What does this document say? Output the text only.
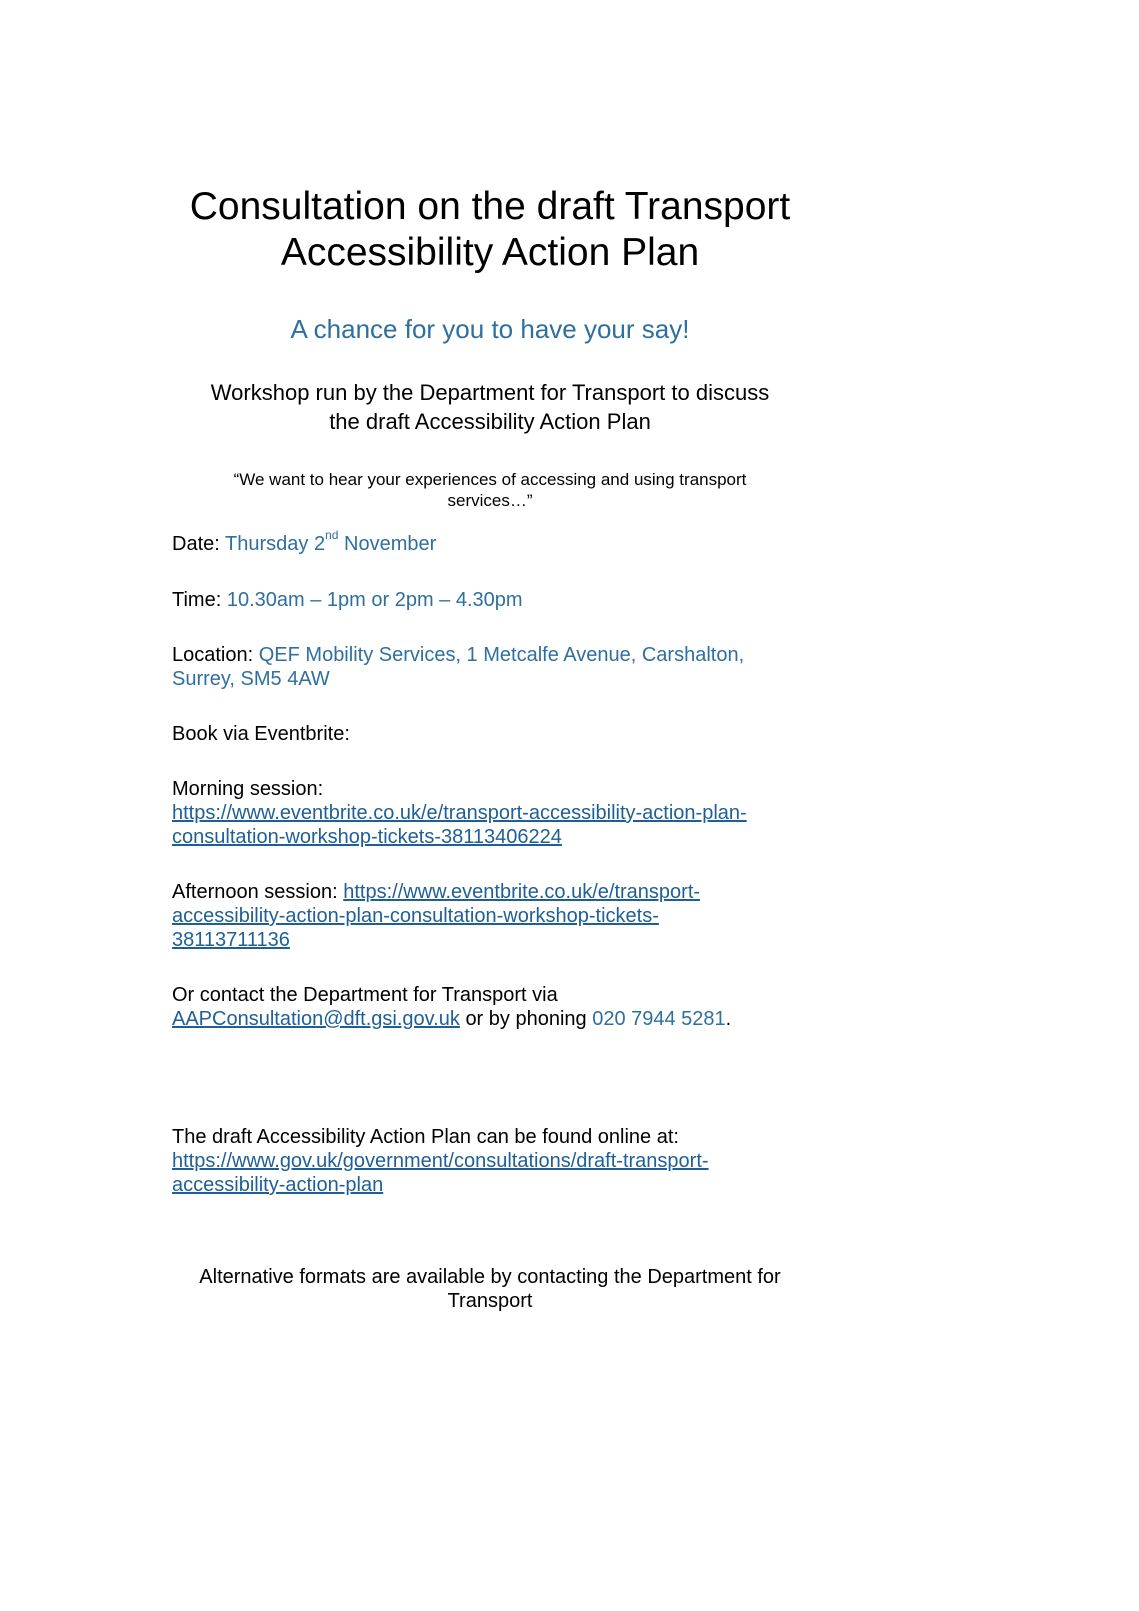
Consultation on the draft Transport
Accessibility Action Plan
A chance for you to have your say!
Workshop run by the Department for Transport to discuss
the draft Accessibility Action Plan
“We want to hear your experiences of accessing and using transport
services…”
Date: Thursday 2nd November
Time: 10.30am – 1pm or 2pm – 4.30pm
Location: QEF Mobility Services, 1 Metcalfe Avenue, Carshalton,
Surrey, SM5 4AW
Book via Eventbrite:
Morning session:
https://www.eventbrite.co.uk/e/transport-accessibility-action-plan-
consultation-workshop-tickets-38113406224
Afternoon session: https://www.eventbrite.co.uk/e/transport-
accessibility-action-plan-consultation-workshop-tickets-
38113711136
Or contact the Department for Transport via
AAPConsultation@dft.gsi.gov.uk or by phoning 020 7944 5281.
The draft Accessibility Action Plan can be found online at:
https://www.gov.uk/government/consultations/draft-transport-
accessibility-action-plan
Alternative formats are available by contacting the Department for
Transport
